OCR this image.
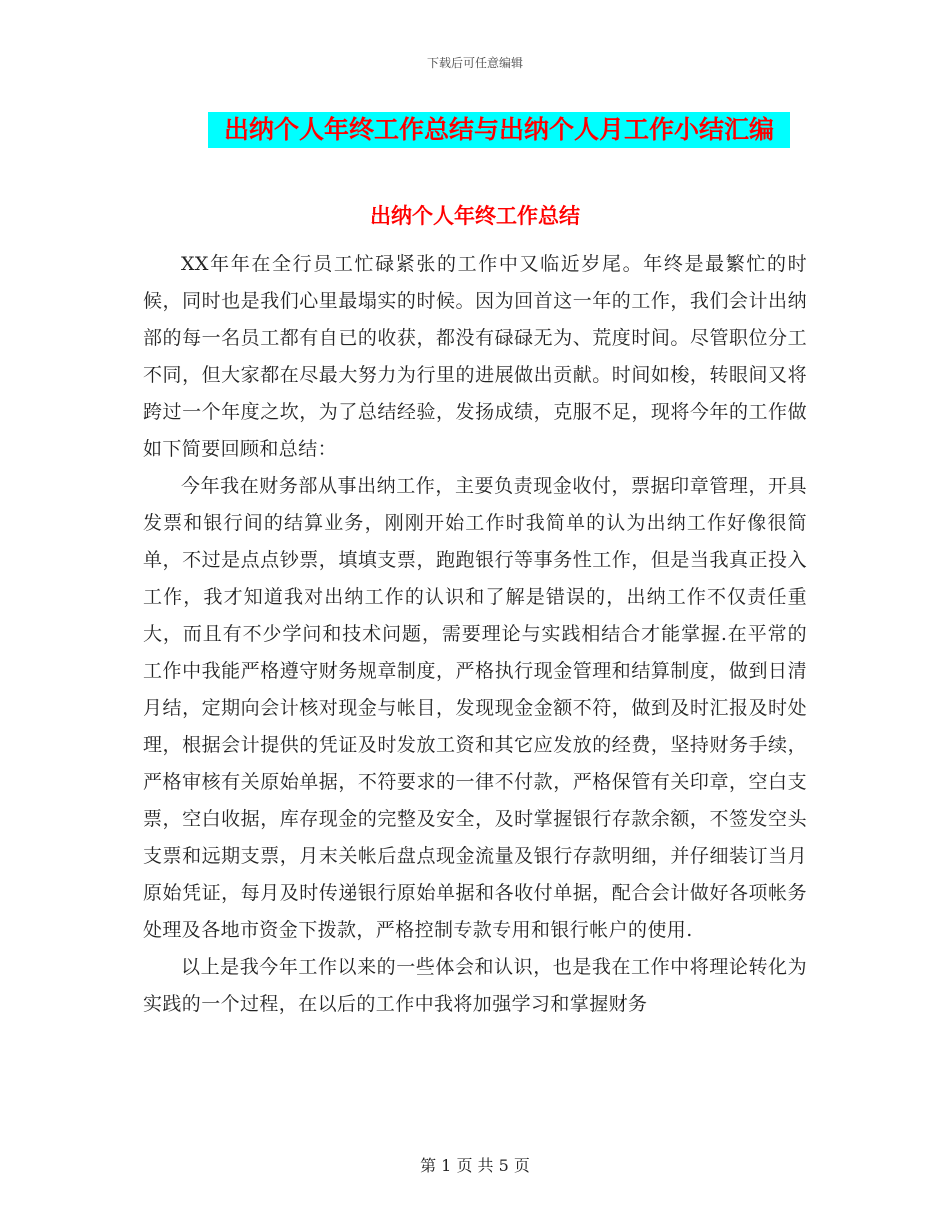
下载后可任意编辑
出纳个人年终工作总结与出纳个人月工作小结汇编
出纳个人年终工作总结

XX年年在全行员工忙碌紧张的工作中又临近岁尾。年终是最繁忙的时候，同时也是我们心里最塌实的时候。因为回首这一年的工作，我们会计出纳部的每一名员工都有自已的收获，都没有碌碌无为、荒度时间。尽管职位分工不同，但大家都在尽最大努力为行里的进展做出贡献。时间如梭，转眼间又将跨过一个年度之坎，为了总结经验，发扬成绩，克服不足，现将今年的工作做如下简要回顾和总结：

今年我在财务部从事出纳工作，主要负责现金收付，票据印章管理，开具发票和银行间的结算业务，刚刚开始工作时我简单的认为出纳工作好像很简单，不过是点点钞票，填填支票，跑跑银行等事务性工作，但是当我真正投入工作，我才知道我对出纳工作的认识和了解是错误的，出纳工作不仅责任重大，而且有不少学问和技术问题，需要理论与实践相结合才能掌握.在平常的工作中我能严格遵守财务规章制度，严格执行现金管理和结算制度，做到日清月结，定期向会计核对现金与帐目，发现现金金额不符，做到及时汇报及时处理，根据会计提供的凭证及时发放工资和其它应发放的经费，坚持财务手续，严格审核有关原始单据，不符要求的一律不付款，严格保管有关印章，空白支票，空白收据，库存现金的完整及安全，及时掌握银行存款余额，不签发空头支票和远期支票，月末关帐后盘点现金流量及银行存款明细，并仔细装订当月原始凭证，每月及时传递银行原始单据和各收付单据，配合会计做好各项帐务处理及各地市资金下拨款，严格控制专款专用和银行帐户的使用.

以上是我今年工作以来的一些体会和认识，也是我在工作中将理论转化为实践的一个过程，在以后的工作中我将加强学习和掌握财务

第 1 页 共 5 页
